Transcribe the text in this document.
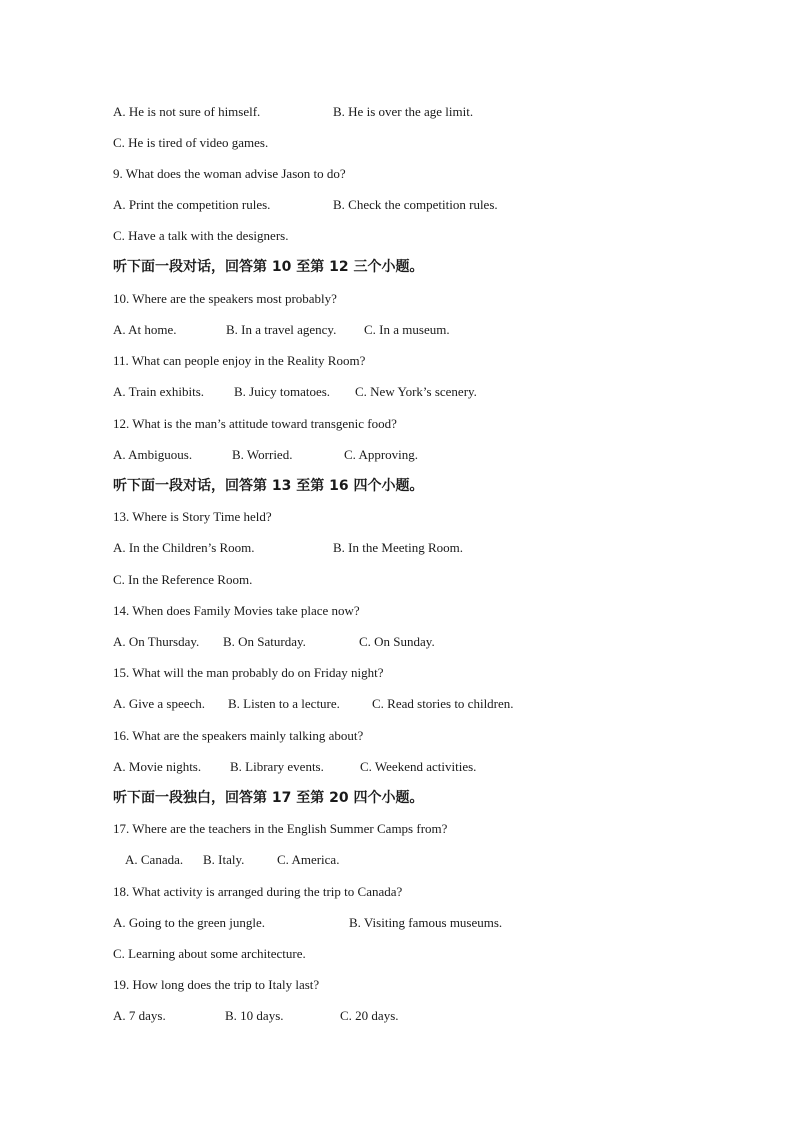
A. He is not sure of himself.	B. He is over the age limit.
C. He is tired of video games.
9. What does the woman advise Jason to do?
A. Print the competition rules.	B. Check the competition rules.
C. Have a talk with the designers.
听下面一段对话，回答第 10 至第 12 三个小题。
10. Where are the speakers most probably?
A. At home.	B. In a travel agency. C. In a museum.
11. What can people enjoy in the Reality Room?
A. Train exhibits. B. Juicy tomatoes. C. New York’s scenery.
12. What is the man’s attitude toward transgenic food?
A. Ambiguous.	B. Worried.	C. Approving.
听下面一段对话，回答第 13 至第 16 四个小题。
13. Where is Story Time held?
A. In the Children’s Room.	B. In the Meeting Room.
C. In the Reference Room.
14. When does Family Movies take place now?
A. On Thursday. B. On Saturday.	C. On Sunday.
15. What will the man probably do on Friday night?
A. Give a speech. B. Listen to a lecture. C. Read stories to children.
16. What are the speakers mainly talking about?
A. Movie nights. B. Library events.	C. Weekend activities.
听下面一段独白，回答第 17 至第 20 四个小题。
17. Where are the teachers in the English Summer Camps from?
A. Canada. B. Italy.	C. America.
18. What activity is arranged during the trip to Canada?
A. Going to the green jungle.	B. Visiting famous museums.
C. Learning about some architecture.
19. How long does the trip to Italy last?
A. 7 days.	B. 10 days.	C. 20 days.
